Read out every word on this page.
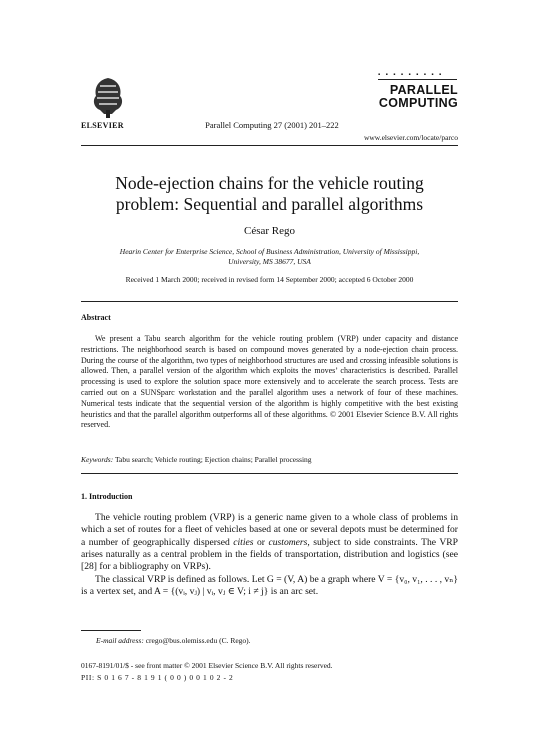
ELSEVIER	Parallel Computing 27 (2001) 201–222
▪ ▪ ▪ ▪ ▪ ▪ ▪ ▪ ▪
PARALLEL
COMPUTING
www.elsevier.com/locate/parco
Node-ejection chains for the vehicle routing
problem: Sequential and parallel algorithms
César Rego
Hearin Center for Enterprise Science, School of Business Administration, University of Mississippi,
University, MS 38677, USA
Received 1 March 2000; received in revised form 14 September 2000; accepted 6 October 2000
Abstract
We present a Tabu search algorithm for the vehicle routing problem (VRP) under capacity and distance restrictions. The neighborhood search is based on compound moves generated by a node-ejection chain process. During the course of the algorithm, two types of neighborhood structures are used and crossing infeasible solutions is allowed. Then, a parallel version of the algorithm which exploits the moves’ characteristics is described. Parallel processing is used to explore the solution space more extensively and to accelerate the search process. Tests are carried out on a SUNSparc workstation and the parallel algorithm uses a network of four of these machines. Numerical tests indicate that the sequential version of the algorithm is highly competitive with the best existing heuristics and that the parallel algorithm outperforms all of these algorithms. © 2001 Elsevier Science B.V. All rights reserved.
Keywords: Tabu search; Vehicle routing; Ejection chains; Parallel processing
1. Introduction
The vehicle routing problem (VRP) is a generic name given to a whole class of problems in which a set of routes for a fleet of vehicles based at one or several depots must be determined for a number of geographically dispersed cities or customers, subject to side constraints. The VRP arises naturally as a central problem in the fields of transportation, distribution and logistics (see [28] for a bibliography on VRPs).
The classical VRP is defined as follows. Let G = (V, A) be a graph where V = {v₀, v₁, . . . , vₙ} is a vertex set, and A = {(vᵢ, vⱼ) | vᵢ, vⱼ ∈ V; i ≠ j} is an arc set.
E-mail address: crego@bus.olemiss.edu (C. Rego).
0167-8191/01/$ - see front matter © 2001 Elsevier Science B.V. All rights reserved.
PII: S 0 1 6 7 - 8 1 9 1 ( 0 0 ) 0 0 1 0 2 - 2
